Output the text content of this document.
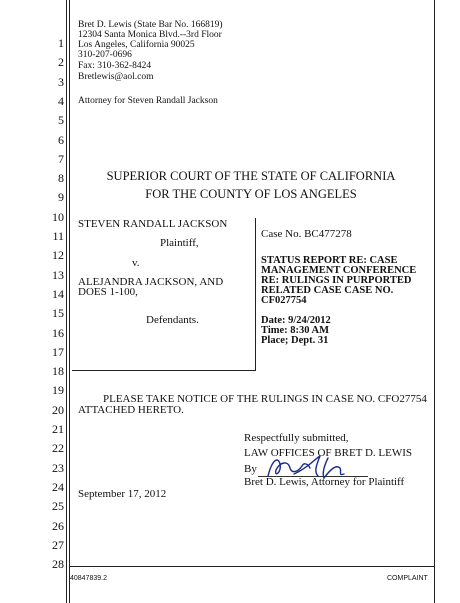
1
2
3
4
5
6
7
8
9
10
11
12
13
14
15
16
17
18
19
20
21
22
23
24
25
26
27
28
Bret D. Lewis (State Bar No. 166819)
12304 Santa Monica Blvd.--3rd Floor
Los Angeles, California 90025
310-207-0696
Fax: 310-362-8424
Bretlewis@aol.com
Attorney for Steven Randall Jackson
SUPERIOR COURT OF THE STATE OF CALIFORNIA
FOR THE COUNTY OF LOS ANGELES
STEVEN RANDALL JACKSON
Plaintiff,
v.
ALEJANDRA JACKSON, AND
DOES 1-100,
Defendants.
Case No. BC477278
STATUS REPORT RE: CASE
MANAGEMENT CONFERENCE
RE: RULINGS IN PURPORTED
RELATED CASE CASE NO.
CF027754
Date: 9/24/2012
Time: 8:30 AM
Place; Dept. 31
PLEASE TAKE NOTICE OF THE RULINGS IN CASE NO. CFO27754
ATTACHED HERETO.
Respectfully submitted,
LAW OFFICES OF BRET D. LEWIS
By
Bret D. Lewis, Attorney for Plaintiff
September 17, 2012
40847839.2	COMPLAINT
